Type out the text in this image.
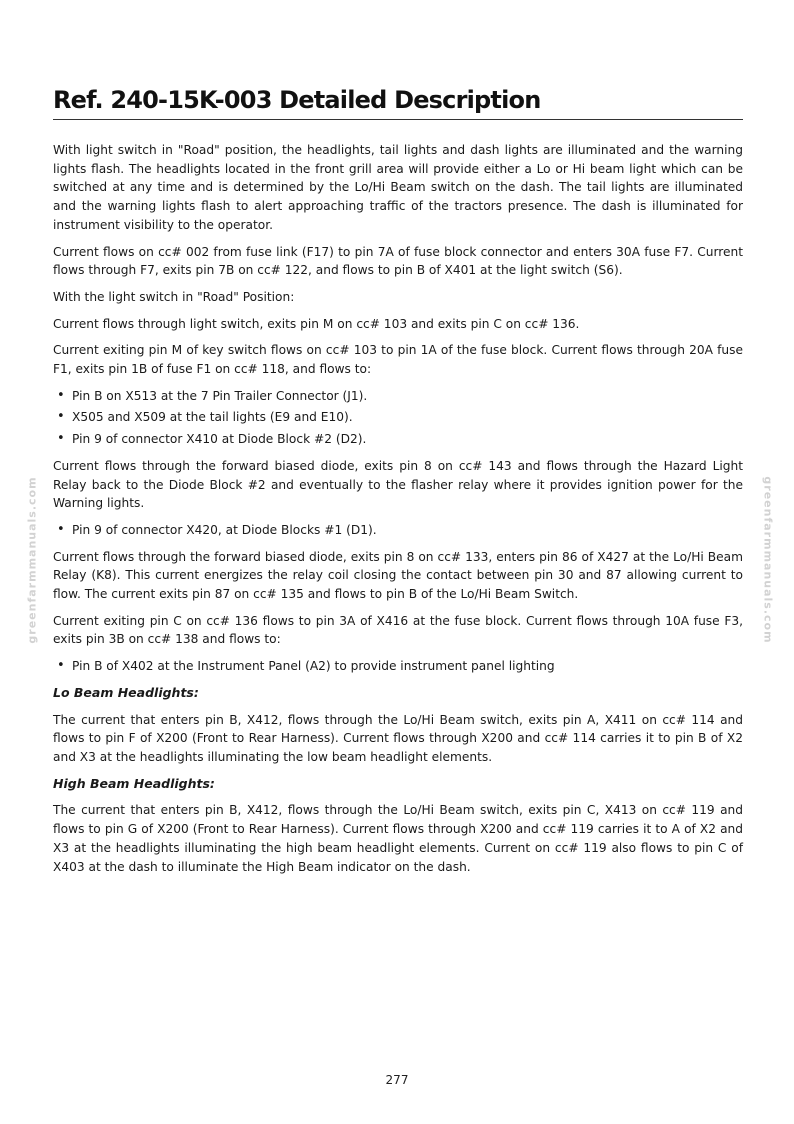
Ref. 240-15K-003 Detailed Description

With light switch in "Road" position, the headlights, tail lights and dash lights are illuminated and the warning lights flash. The headlights located in the front grill area will provide either a Lo or Hi beam light which can be switched at any time and is determined by the Lo/Hi Beam switch on the dash. The tail lights are illuminated and the warning lights flash to alert approaching traffic of the tractors presence. The dash is illuminated for instrument visibility to the operator.

Current flows on cc# 002 from fuse link (F17) to pin 7A of fuse block connector and enters 30A fuse F7. Current flows through F7, exits pin 7B on cc# 122, and flows to pin B of X401 at the light switch (S6).

With the light switch in "Road" Position:

Current flows through light switch, exits pin M on cc# 103 and exits pin C on cc# 136.

Current exiting pin M of key switch flows on cc# 103 to pin 1A of the fuse block. Current flows through 20A fuse F1, exits pin 1B of fuse F1 on cc# 118, and flows to:

• Pin B on X513 at the 7 Pin Trailer Connector (J1).
• X505 and X509 at the tail lights (E9 and E10).
• Pin 9 of connector X410 at Diode Block #2 (D2).

Current flows through the forward biased diode, exits pin 8 on cc# 143 and flows through the Hazard Light Relay back to the Diode Block #2 and eventually to the flasher relay where it provides ignition power for the Warning lights.

• Pin 9 of connector X420, at Diode Blocks #1 (D1).

Current flows through the forward biased diode, exits pin 8 on cc# 133, enters pin 86 of X427 at the Lo/Hi Beam Relay (K8). This current energizes the relay coil closing the contact between pin 30 and 87 allowing current to flow. The current exits pin 87 on cc# 135 and flows to pin B of the Lo/Hi Beam Switch.

Current exiting pin C on cc# 136 flows to pin 3A of X416 at the fuse block. Current flows through 10A fuse F3, exits pin 3B on cc# 138 and flows to:

• Pin B of X402 at the Instrument Panel (A2) to provide instrument panel lighting
Lo Beam Headlights:

The current that enters pin B, X412, flows through the Lo/Hi Beam switch, exits pin A, X411 on cc# 114 and flows to pin F of X200 (Front to Rear Harness). Current flows through X200 and cc# 114 carries it to pin B of X2 and X3 at the headlights illuminating the low beam headlight elements.

High Beam Headlights:

The current that enters pin B, X412, flows through the Lo/Hi Beam switch, exits pin C, X413 on cc# 119 and flows to pin G of X200 (Front to Rear Harness). Current flows through X200 and cc# 119 carries it to A of X2 and X3 at the headlights illuminating the high beam headlight elements. Current on cc# 119 also flows to pin C of X403 at the dash to illuminate the High Beam indicator on the dash.

277
greenfarmmanuals.com	greenfarmmanuals.com
